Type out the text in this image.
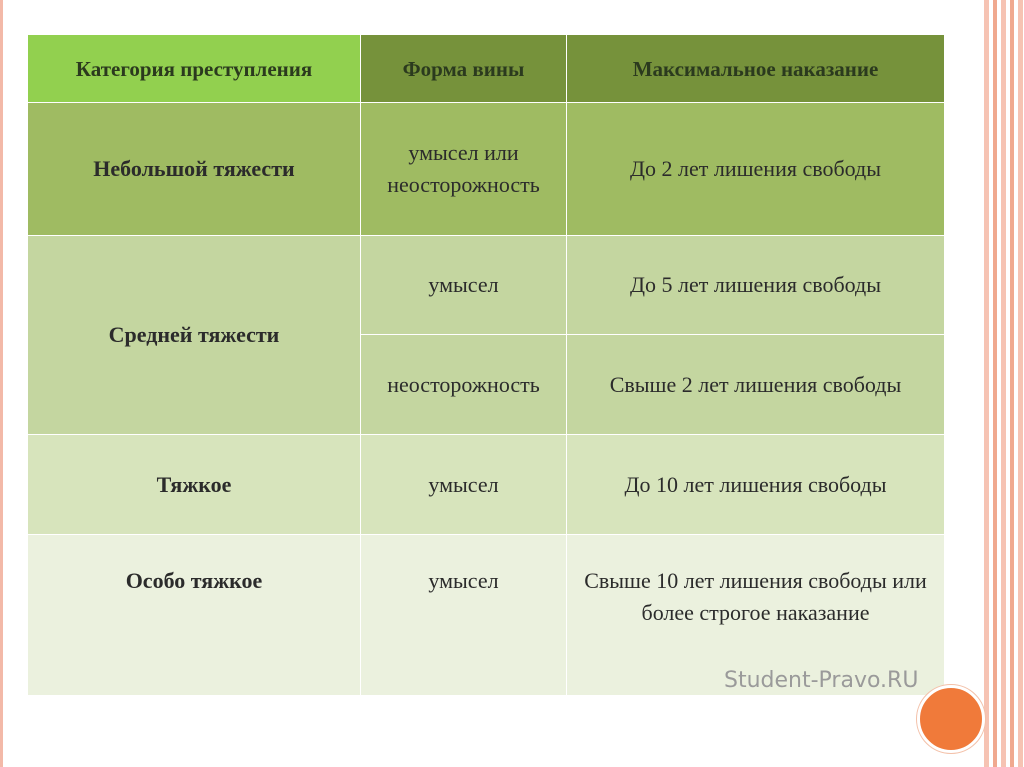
Категория преступления	Форма вины	Максимальное наказание
Небольшой тяжести	умысел или неосторожность	До 2 лет лишения свободы
Средней тяжести	умысел	До 5 лет лишения свободы
	неосторожность	Свыше 2 лет лишения свободы
Тяжкое	умысел	До 10 лет лишения свободы
Особо тяжкое	умысел	Свыше 10 лет лишения свободы или более строгое наказание
Student-Pravo.RU
